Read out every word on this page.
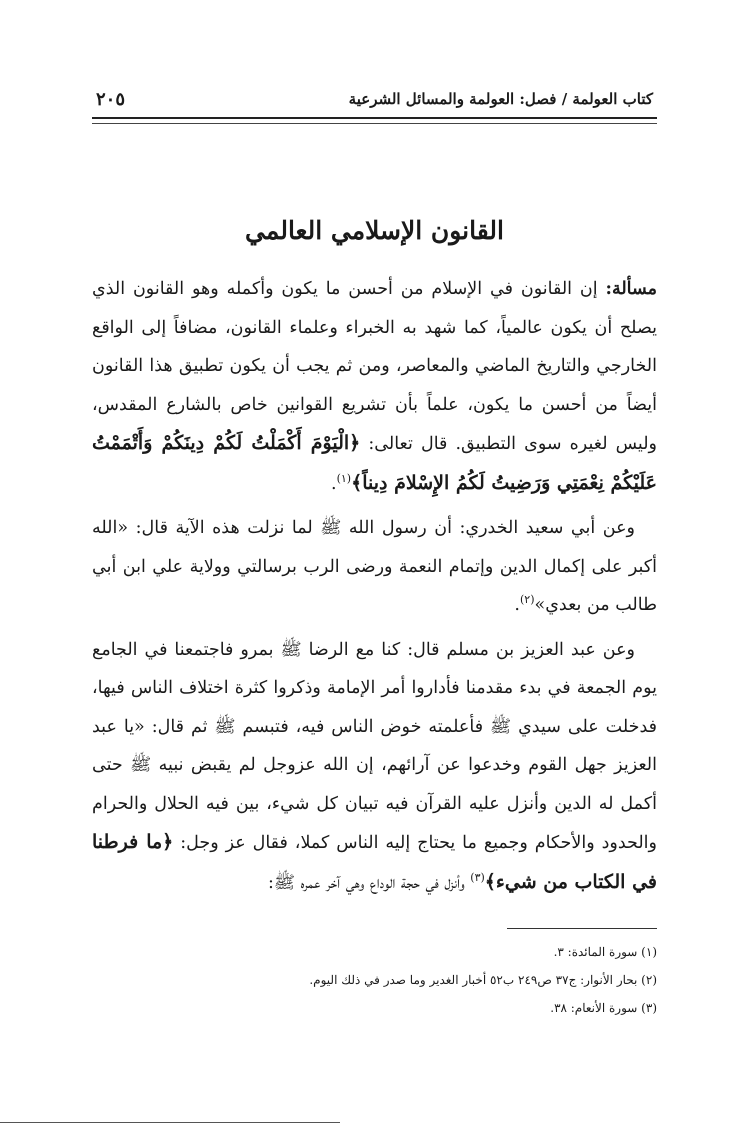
كتاب العولمة / فصل: العولمة والمسائل الشرعية
٢٠٥
القانون الإسلامي العالمي

مسألة: إن القانون في الإسلام من أحسن ما يكون وأكمله وهو القانون الذي يصلح أن يكون عالمياً، كما شهد به الخبراء وعلماء القانون، مضافاً إلى الواقع الخارجي والتاريخ الماضي والمعاصر، ومن ثم يجب أن يكون تطبيق هذا القانون أيضاً من أحسن ما يكون، علماً بأن تشريع القوانين خاص بالشارع المقدس، وليس لغيره سوى التطبيق. قال تعالى: ﴿الْيَوْمَ أَكْمَلْتُ لَكُمْ دِينَكُمْ وَأَتْمَمْتُ عَلَيْكُمْ نِعْمَتِي وَرَضِيتُ لَكُمُ الإِسْلامَ دِيناً﴾$^{(١)}$.

وعن أبي سعيد الخدري: أن رسول الله ﷺ لما نزلت هذه الآية قال: «الله أكبر على إكمال الدين وإتمام النعمة ورضى الرب برسالتي وولاية علي ابن أبي طالب من بعدي»$^{(٢)}$.

وعن عبد العزيز بن مسلم قال: كنا مع الرضا ﷺ بمرو فاجتمعنا في الجامع يوم الجمعة في بدء مقدمنا فأداروا أمر الإمامة وذكروا كثرة اختلاف الناس فيها، فدخلت على سيدي ﷺ فأعلمته خوض الناس فيه، فتبسم ﷺ ثم قال: «يا عبد العزيز جهل القوم وخدعوا عن آرائهم، إن الله عزوجل لم يقبض نبيه ﷺ حتى أكمل له الدين وأنزل عليه القرآن فيه تبيان كل شيء، بين فيه الحلال والحرام والحدود والأحكام وجميع ما يحتاج إليه الناس كملا، فقال عز وجل: ﴿ما فرطنا في الكتاب من شيء﴾$^{(٣)}$ وأنزل في حجة الوداع وهي آخر عمره ﷺ:

(١) سورة المائدة: ٣.
(٢) بحار الأنوار: ج٣٧ ص٢٤٩ ب٥٢ أخبار الغدير وما صدر في ذلك اليوم.
(٣) سورة الأنعام: ٣٨.
